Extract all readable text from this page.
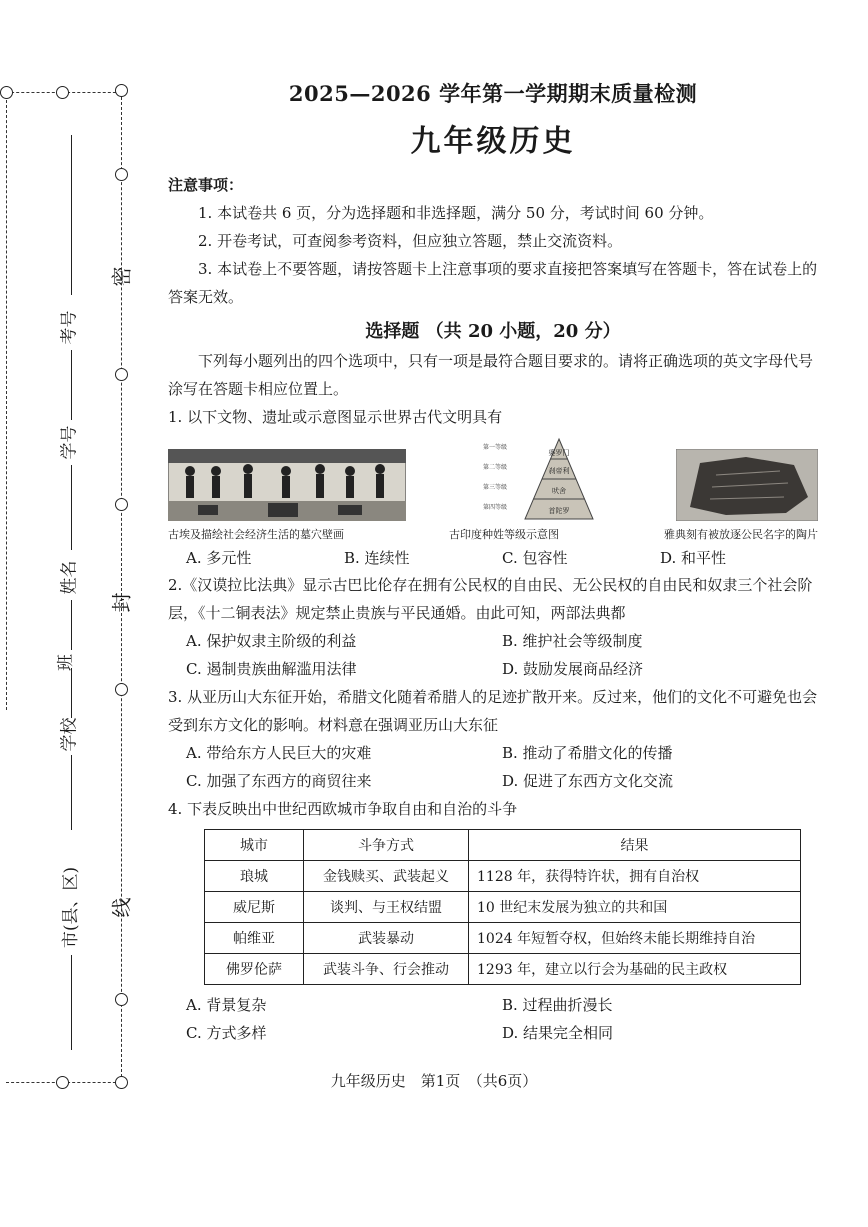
密
封
线
考号
学号
姓名
班
学校
市(县、区)

2025—2026 学年第一学期期末质量检测

九年级历史

注意事项：

1. 本试卷共 6 页，分为选择题和非选择题，满分 50 分，考试时间 60 分钟。

2. 开卷考试，可查阅参考资料，但应独立答题，禁止交流资料。

3. 本试卷上不要答题，请按答题卡上注意事项的要求直接把答案填写在答题卡，答在试卷上的答案无效。

选择题 （共 20 小题，20 分）

下列每小题列出的四个选项中，只有一项是最符合题目要求的。请将正确选项的英文字母代号涂写在答题卡相应位置上。

1. 以下文物、遗址或示意图显示世界古代文明具有

婆罗门
刹帝利
吠舍
首陀罗
第一等级
第二等级
第三等级
第四等级
古埃及描绘社会经济生活的墓穴壁画	古印度种姓等级示意图	雅典刻有被放逐公民名字的陶片
A. 多元性	B. 连续性	C. 包容性	D. 和平性

2.《汉谟拉比法典》显示古巴比伦存在拥有公民权的自由民、无公民权的自由民和奴隶三个社会阶层，《十二铜表法》规定禁止贵族与平民通婚。由此可知，两部法典都

A. 保护奴隶主阶级的利益	B. 维护社会等级制度
C. 遏制贵族曲解滥用法律	D. 鼓励发展商品经济

3. 从亚历山大东征开始，希腊文化随着希腊人的足迹扩散开来。反过来，他们的文化不可避免也会受到东方文化的影响。材料意在强调亚历山大东征

A. 带给东方人民巨大的灾难	B. 推动了希腊文化的传播
C. 加强了东西方的商贸往来	D. 促进了东西方文化交流

4. 下表反映出中世纪西欧城市争取自由和自治的斗争

城市	斗争方式	结果
琅城	金钱赎买、武装起义	1128 年，获得特许状，拥有自治权
威尼斯	谈判、与王权结盟	10 世纪末发展为独立的共和国
帕维亚	武装暴动	1024 年短暂夺权，但始终未能长期维持自治
佛罗伦萨	武装斗争、行会推动	1293 年，建立以行会为基础的民主政权
A. 背景复杂	B. 过程曲折漫长
C. 方式多样	D. 结果完全相同
九年级历史　第1页　（共6页）
